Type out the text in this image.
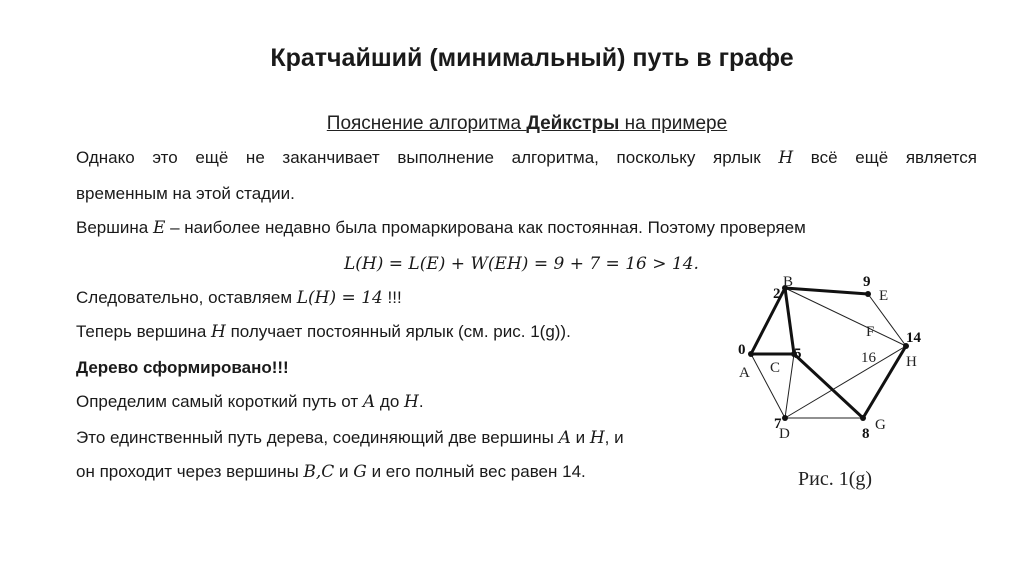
Кратчайший (минимальный) путь в графе
Пояснение алгоритма Дейкстры на примере
Однако это ещё не заканчивает выполнение алгоритма, поскольку ярлык H всё ещё является
временным на этой стадии.
Вершина E – наиболее недавно была промаркирована как постоянная. Поэтому проверяем
L(H) = L(E) + W(EH) = 9 + 7 = 16 > 14.
Следовательно, оставляем L(H) = 14 !!!
Теперь вершина H получает постоянный ярлык (см. рис. 1(g)).
Дерево сформировано!!!
Определим самый короткий путь от A до H.
Это единственный путь дерева, соединяющий две вершины A и H, и
он проходит через вершины B,C и G и его полный вес равен 14.
B
E
F
H
A C
D
G
2
9
14
0	5
7
8
16
Рис. 1(g)
